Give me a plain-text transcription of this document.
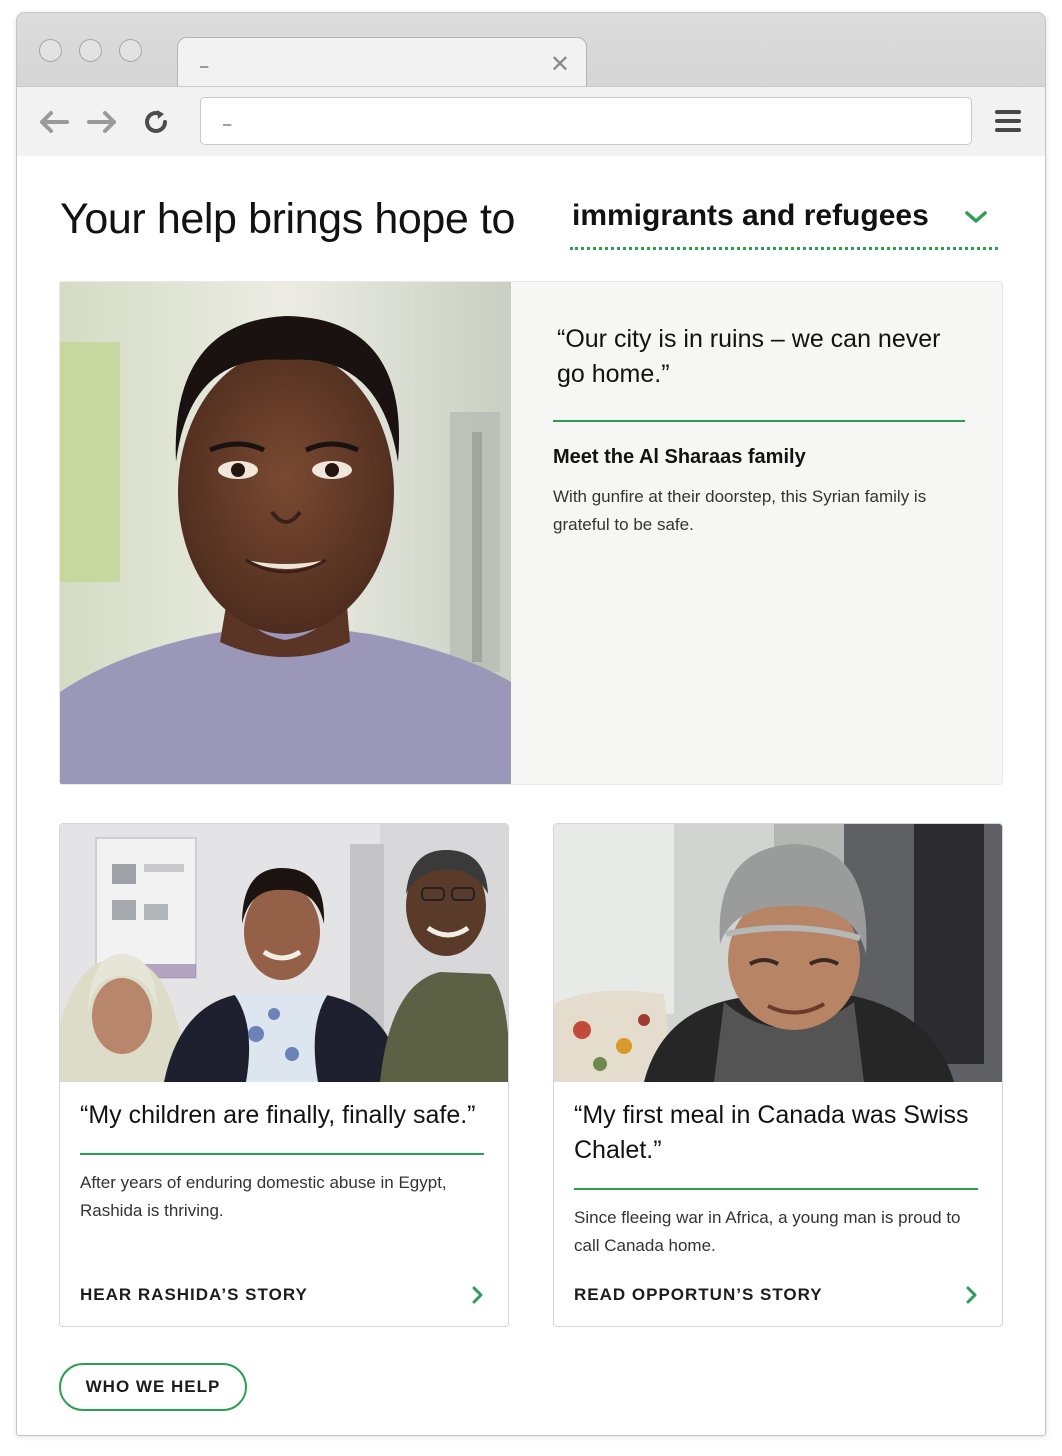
–	✕
–
Your help brings hope to immigrants and refugees

“Our city is in ruins – we can never go home.”

Meet the Al Sharaas family

With gunfire at their doorstep, this Syrian family is grateful to be safe.

“My children are finally, finally safe.”

After years of enduring domestic abuse in Egypt, Rashida is thriving.

HEAR RASHIDA’S STORY

“My first meal in Canada was Swiss Chalet.”

Since fleeing war in Africa, a young man is proud to call Canada home.

READ OPPORTUN’S STORY
WHO WE HELP
